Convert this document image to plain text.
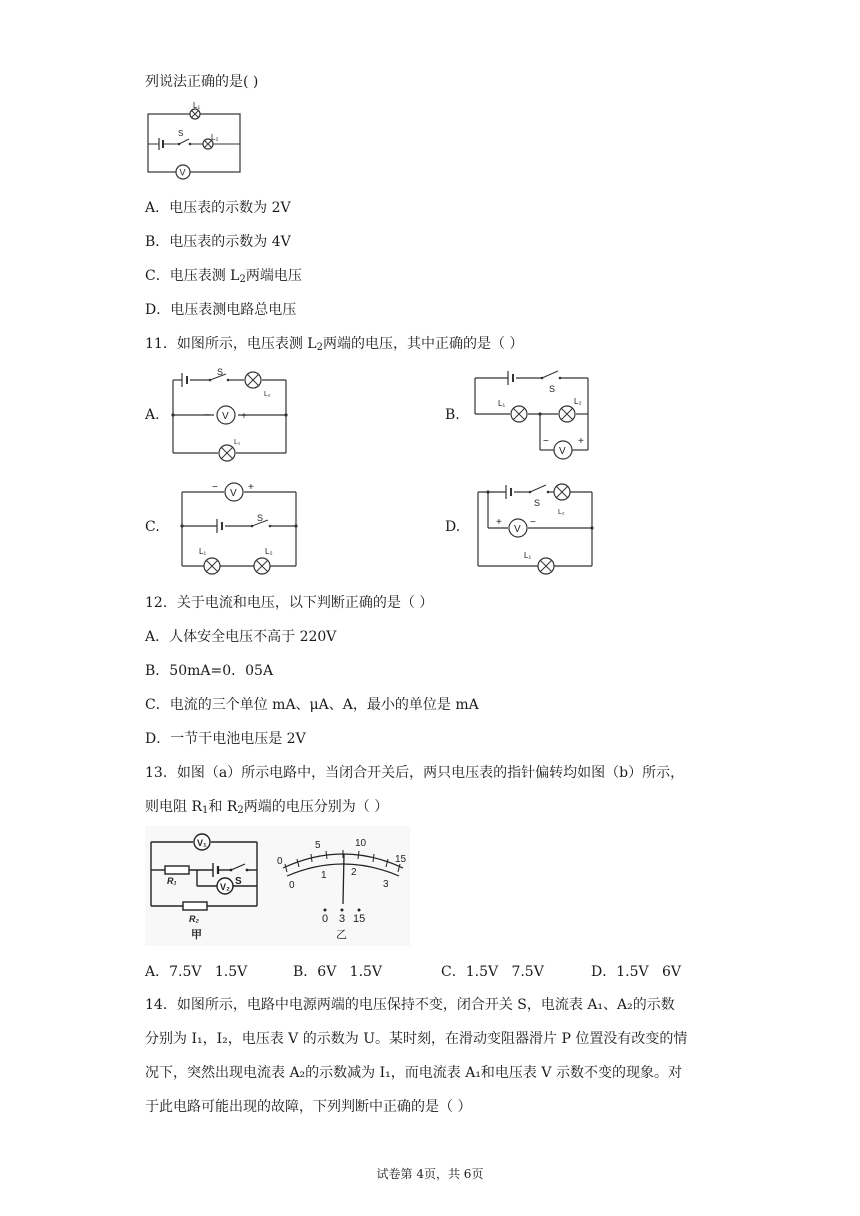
列说法正确的是( )
L₁
S	L₂
V
A．电压表的示数为 2V
B．电压表的示数为 4V
C．电压表测 $L_2$两端电压
D．电压表测电路总电压
11．如图所示，电压表测 $L_2$两端的电压，其中正确的是（ ）
A.	B.
C.	D.
S
L₂
V
−	+
L₁
S
L₁	L₂
V
−	+
V
−	+
S
L₁	L₂
S
L₂
V
+	−
L₁
12．关于电流和电压，以下判断正确的是（ ）
A．人体安全电压不高于 220V
B．50mA=0．05A
C．电流的三个单位 mA、μA、A，最小的单位是 mA
D．一节干电池电压是 2V
13．如图（a）所示电路中，当闭合开关后，两只电压表的指针偏转均如图（b）所示，
则电阻 $R_1$和 $R_2$两端的电压分别为（ ）
V₁
R₁	S
V₂
R₂
甲
0
5	10
15
0
1 2
3
0 3 15
乙
A．7.5V   1.5V	B．6V   1.5V	C．1.5V   7.5V	D．1.5V   6V
14．如图所示，电路中电源两端的电压保持不变，闭合开关 S，电流表 A₁、A₂的示数
分别为 I₁，I₂，电压表 V 的示数为 U。某时刻，在滑动变阻器滑片 P 位置没有改变的情
况下，突然出现电流表 A₂的示数减为 I₁，而电流表 A₁和电压表 V 示数不变的现象。对
于此电路可能出现的故障，下列判断中正确的是（ ）
试卷第 4页，共 6页
